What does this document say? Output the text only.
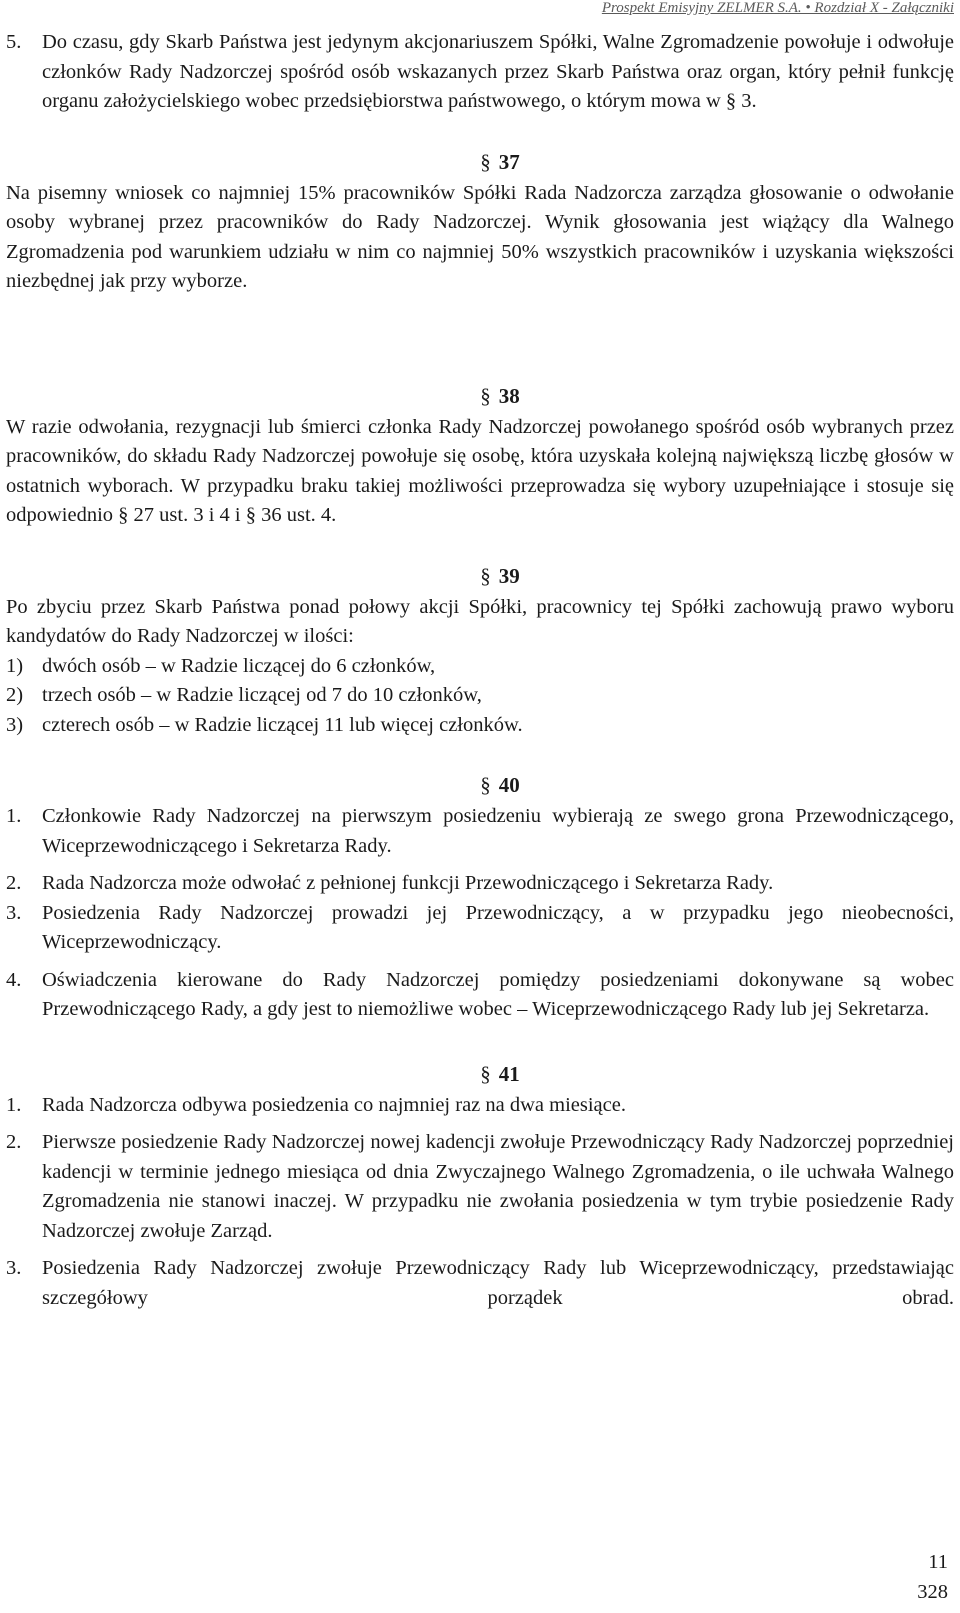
Prospekt Emisyjny ZELMER S.A. • Rozdział X - Załączniki
5.	Do czasu, gdy Skarb Państwa jest jedynym akcjonariuszem Spółki, Walne Zgromadzenie powołuje i odwołuje członków Rady Nadzorczej spośród osób wskazanych przez Skarb Państwa oraz organ, który pełnił funkcję organu założycielskiego wobec przedsiębiorstwa państwowego, o którym mowa w § 3.
§ 37

Na pisemny wniosek co najmniej 15% pracowników Spółki Rada Nadzorcza zarządza głosowanie o odwołanie osoby wybranej przez pracowników do Rady Nadzorczej. Wynik głosowania jest wiążący dla Walnego Zgromadzenia pod warunkiem udziału w nim co najmniej 50% wszystkich pracowników i uzyskania większości niezbędnej jak przy wyborze.

§ 38

W razie odwołania, rezygnacji lub śmierci członka Rady Nadzorczej powołanego spośród osób wybranych przez pracowników, do składu Rady Nadzorczej powołuje się osobę, która uzyskała kolejną największą liczbę głosów w ostatnich wyborach. W przypadku braku takiej możliwości przeprowadza się wybory uzupełniające i stosuje się odpowiednio § 27 ust. 3 i 4 i § 36 ust. 4.

§ 39

Po zbyciu przez Skarb Państwa ponad połowy akcji Spółki, pracownicy tej Spółki zachowują prawo wyboru kandydatów do Rady Nadzorczej w ilości:

1) dwóch osób – w Radzie liczącej do 6 członków,
2) trzech osób – w Radzie liczącej od 7 do 10 członków,
3) czterech osób – w Radzie liczącej 11 lub więcej członków.
§ 40
1.	Członkowie Rady Nadzorczej na pierwszym posiedzeniu wybierają ze swego grona Przewodniczącego, Wiceprzewodniczącego i Sekretarza Rady.
2.	Rada Nadzorcza może odwołać z pełnionej funkcji Przewodniczącego i Sekretarza Rady.
3.	Posiedzenia Rady Nadzorczej prowadzi jej Przewodniczący, a w przypadku jego nieobecności, Wiceprzewodniczący.
4.	Oświadczenia kierowane do Rady Nadzorczej pomiędzy posiedzeniami dokonywane są wobec Przewodniczącego Rady, a gdy jest to niemożliwe wobec – Wiceprzewodniczącego Rady lub jej Sekretarza.
§ 41
1.	Rada Nadzorcza odbywa posiedzenia co najmniej raz na dwa miesiące.
2.	Pierwsze posiedzenie Rady Nadzorczej nowej kadencji zwołuje Przewodniczący Rady Nadzorczej poprzedniej kadencji w terminie jednego miesiąca od dnia Zwyczajnego Walnego Zgromadzenia, o ile uchwała Walnego Zgromadzenia nie stanowi inaczej. W przypadku nie zwołania posiedzenia w tym trybie posiedzenie Rady Nadzorczej zwołuje Zarząd.
3.	Posiedzenia Rady Nadzorczej zwołuje Przewodniczący Rady lub Wiceprzewodniczący, przedstawiając szczegółowy porządek obrad.
11
328
